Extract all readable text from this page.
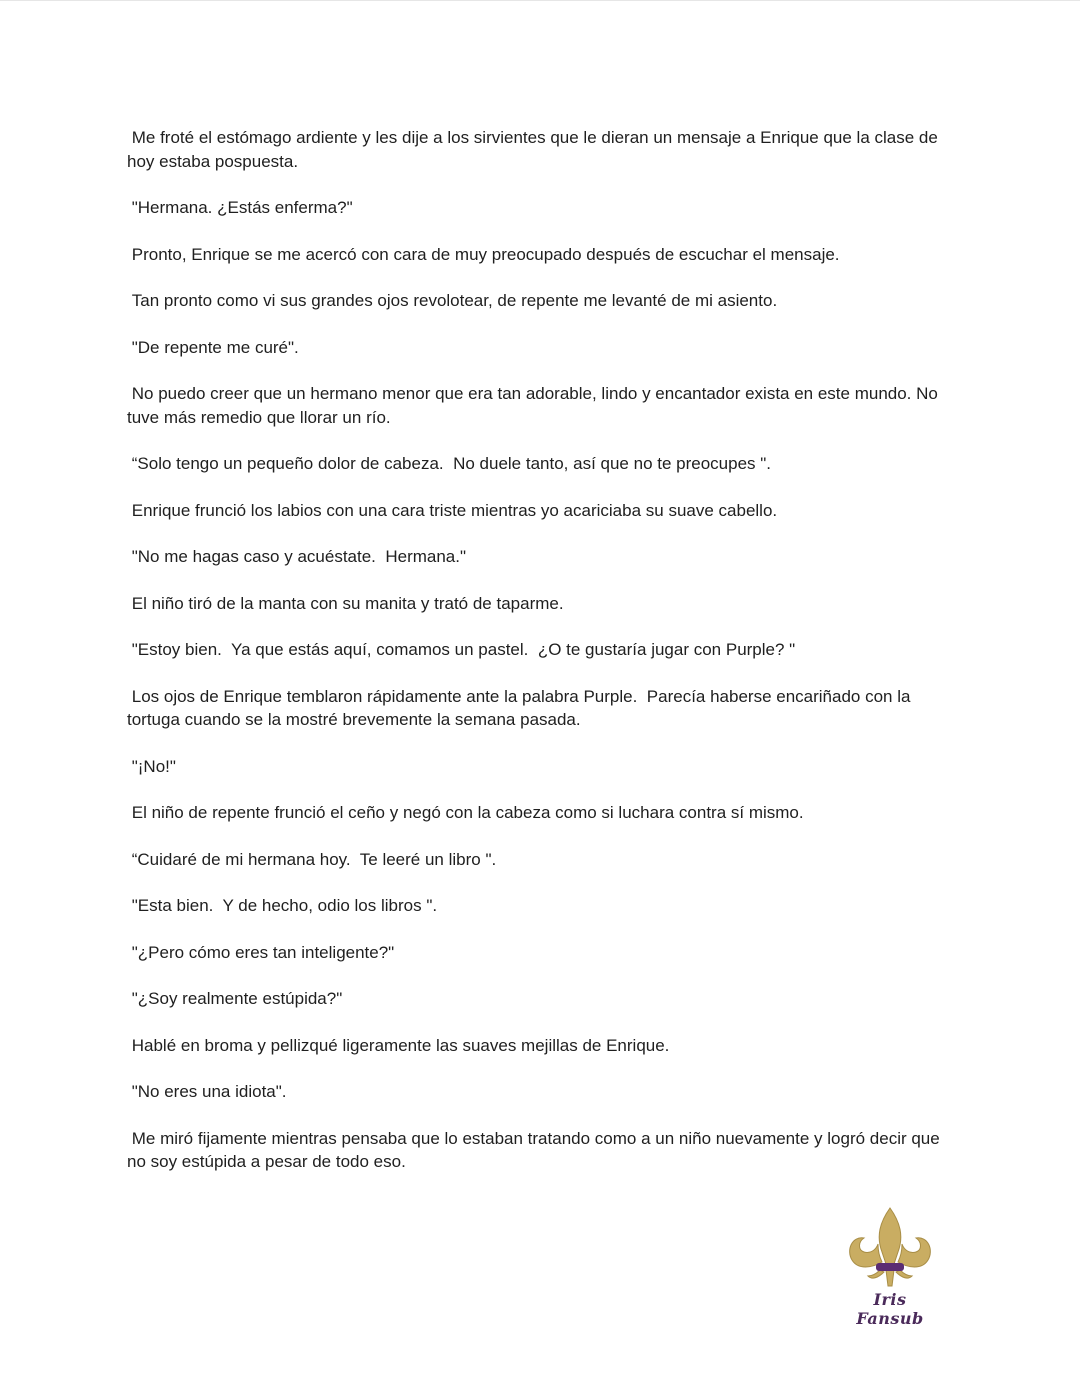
Me froté el estómago ardiente y les dije a los sirvientes que le dieran un mensaje a Enrique que la clase de hoy estaba pospuesta.

"Hermana. ¿Estás enferma?"

Pronto, Enrique se me acercó con cara de muy preocupado después de escuchar el mensaje.

Tan pronto como vi sus grandes ojos revolotear, de repente me levanté de mi asiento.

"De repente me curé".

No puedo creer que un hermano menor que era tan adorable, lindo y encantador exista en este mundo. No tuve más remedio que llorar un río.

“Solo tengo un pequeño dolor de cabeza.  No duele tanto, así que no te preocupes ".

Enrique frunció los labios con una cara triste mientras yo acariciaba su suave cabello.

"No me hagas caso y acuéstate.  Hermana."

El niño tiró de la manta con su manita y trató de taparme.

"Estoy bien.  Ya que estás aquí, comamos un pastel.  ¿O te gustaría jugar con Purple? "

Los ojos de Enrique temblaron rápidamente ante la palabra Purple.  Parecía haberse encariñado con la tortuga cuando se la mostré brevemente la semana pasada.

"¡No!"

El niño de repente frunció el ceño y negó con la cabeza como si luchara contra sí mismo.

“Cuidaré de mi hermana hoy.  Te leeré un libro ".

"Esta bien.  Y de hecho, odio los libros ".

"¿Pero cómo eres tan inteligente?"

"¿Soy realmente estúpida?"

Hablé en broma y pellizqué ligeramente las suaves mejillas de Enrique.

"No eres una idiota".

Me miró fijamente mientras pensaba que lo estaban tratando como a un niño nuevamente y logró decir que no soy estúpida a pesar de todo eso.

Iris Fansub
